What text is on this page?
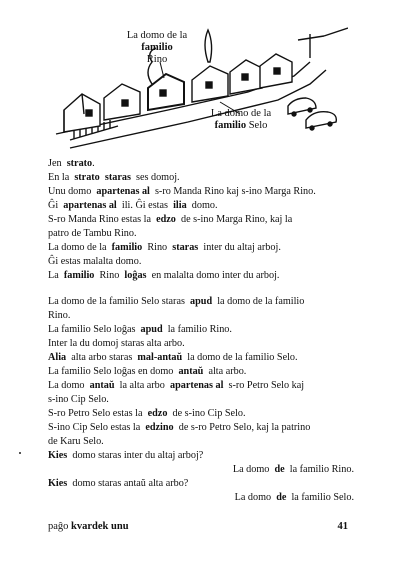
La domo de la
familio
Rino
La domo de la
familio Selo
Jen  strato.
En la  strato  staras  ses domoj.
Unu domo  apartenas al  s-ro Manda Rino kaj s-ino Marga Rino.
Ĝi  apartenas al  ili. Ĝi estas  ilia  domo.
S-ro Manda Rino estas la  edzo  de s-ino Marga Rino, kaj la
patro de Tambu Rino.
La domo de la  familio  Rino  staras  inter du altaj arboj.
Ĝi estas malalta domo.
La  familio  Rino  loĝas  en malalta domo inter du arboj.
La domo de la familio Selo staras  apud  la domo de la familio
Rino.
La familio Selo loĝas  apud  la familio Rino.
Inter la du domoj staras alta arbo.
Alia  alta arbo staras  mal-antaŭ  la domo de la familio Selo.
La familio Selo loĝas en domo  antaŭ  alta arbo.
La domo  antaŭ  la alta arbo  apartenas al  s-ro Petro Selo kaj
s-ino Cip Selo.
S-ro Petro Selo estas la  edzo  de s-ino Cip Selo.
S-ino Cip Selo estas la  edzino  de s-ro Petro Selo, kaj la patrino
de Karu Selo.
Kies  domo staras inter du altaj arboj?
La domo  de  la familio Rino.
Kies  domo staras antaŭ alta arbo?
La domo  de  la familio Selo.
paĝo kvardek unu	41
